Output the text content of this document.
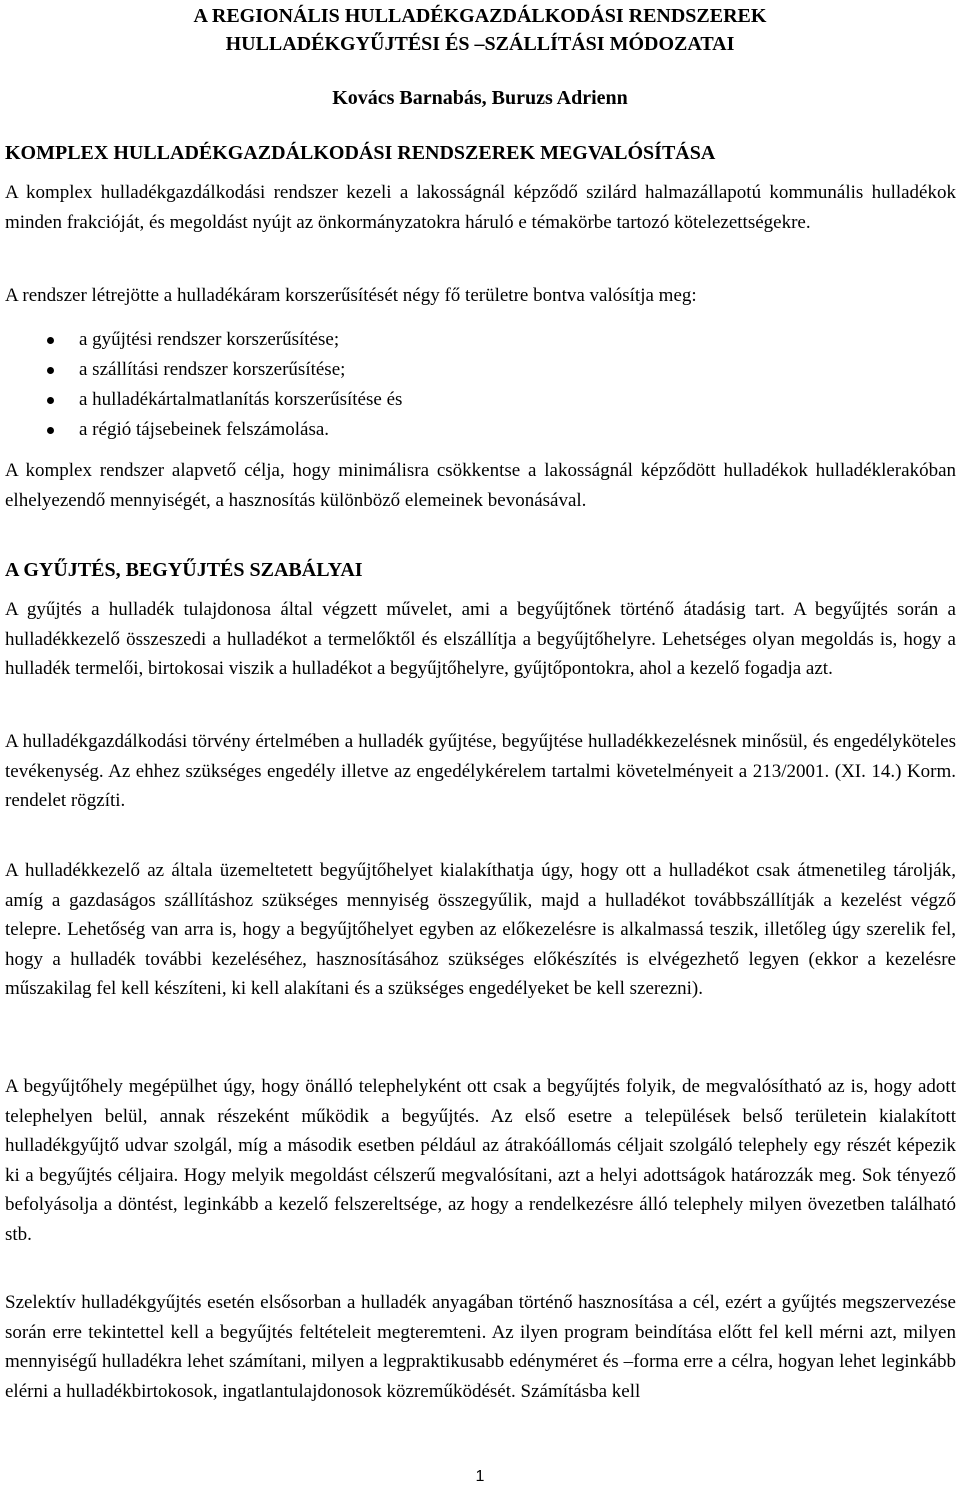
A REGIONÁLIS HULLADÉKGAZDÁLKODÁSI RENDSZEREK
HULLADÉKGYŰJTÉSI ÉS –SZÁLLÍTÁSI MÓDOZATAI
Kovács Barnabás, Buruzs Adrienn
KOMPLEX HULLADÉKGAZDÁLKODÁSI RENDSZEREK MEGVALÓSÍTÁSA

A komplex hulladékgazdálkodási rendszer kezeli a lakosságnál képződő szilárd halmazállapotú kommunális hulladékok minden frakcióját, és megoldást nyújt az önkormányzatokra háruló e témakörbe tartozó kötelezettségekre.

A rendszer létrejötte a hulladékáram korszerűsítését négy fő területre bontva valósítja meg:

a gyűjtési rendszer korszerűsítése;
a szállítási rendszer korszerűsítése;
a hulladékártalmatlanítás korszerűsítése és
a régió tájsebeinek felszámolása.

A komplex rendszer alapvető célja, hogy minimálisra csökkentse a lakosságnál képződött hulladékok hulladéklerakóban elhelyezendő mennyiségét, a hasznosítás különböző elemeinek bevonásával.

A GYŰJTÉS, BEGYŰJTÉS SZABÁLYAI

A gyűjtés a hulladék tulajdonosa által végzett művelet, ami a begyűjtőnek történő átadásig tart. A begyűjtés során a hulladékkezelő összeszedi a hulladékot a termelőktől és elszállítja a begyűjtőhelyre. Lehetséges olyan megoldás is, hogy a hulladék termelői, birtokosai viszik a hulladékot a begyűjtőhelyre, gyűjtőpontokra, ahol a kezelő fogadja azt.

A hulladékgazdálkodási törvény értelmében a hulladék gyűjtése, begyűjtése hulladékkezelésnek minősül, és engedélyköteles tevékenység. Az ehhez szükséges engedély illetve az engedélykérelem tartalmi követelményeit a 213/2001. (XI. 14.) Korm. rendelet rögzíti.

A hulladékkezelő az általa üzemeltetett begyűjtőhelyet kialakíthatja úgy, hogy ott a hulladékot csak átmenetileg tárolják, amíg a gazdaságos szállításhoz szükséges mennyiség összegyűlik, majd a hulladékot továbbszállítják a kezelést végző telepre. Lehetőség van arra is, hogy a begyűjtőhelyet egyben az előkezelésre is alkalmassá teszik, illetőleg úgy szerelik fel, hogy a hulladék további kezeléséhez, hasznosításához szükséges előkészítés is elvégezhető legyen (ekkor a kezelésre műszakilag fel kell készíteni, ki kell alakítani és a szükséges engedélyeket be kell szerezni).

A begyűjtőhely megépülhet úgy, hogy önálló telephelyként ott csak a begyűjtés folyik, de megvalósítható az is, hogy adott telephelyen belül, annak részeként működik a begyűjtés. Az első esetre a települések belső területein kialakított hulladékgyűjtő udvar szolgál, míg a második esetben például az átrakóállomás céljait szolgáló telephely egy részét képezik ki a begyűjtés céljaira. Hogy melyik megoldást célszerű megvalósítani, azt a helyi adottságok határozzák meg. Sok tényező befolyásolja a döntést, leginkább a kezelő felszereltsége, az hogy a rendelkezésre álló telephely milyen övezetben található stb.

Szelektív hulladékgyűjtés esetén elsősorban a hulladék anyagában történő hasznosítása a cél, ezért a gyűjtés megszervezése során erre tekintettel kell a begyűjtés feltételeit megteremteni. Az ilyen program beindítása előtt fel kell mérni azt, milyen mennyiségű hulladékra lehet számítani, milyen a legpraktikusabb edényméret és –forma erre a célra, hogyan lehet leginkább elérni a hulladékbirtokosok, ingatlantulajdonosok közreműködését. Számításba kell

1
